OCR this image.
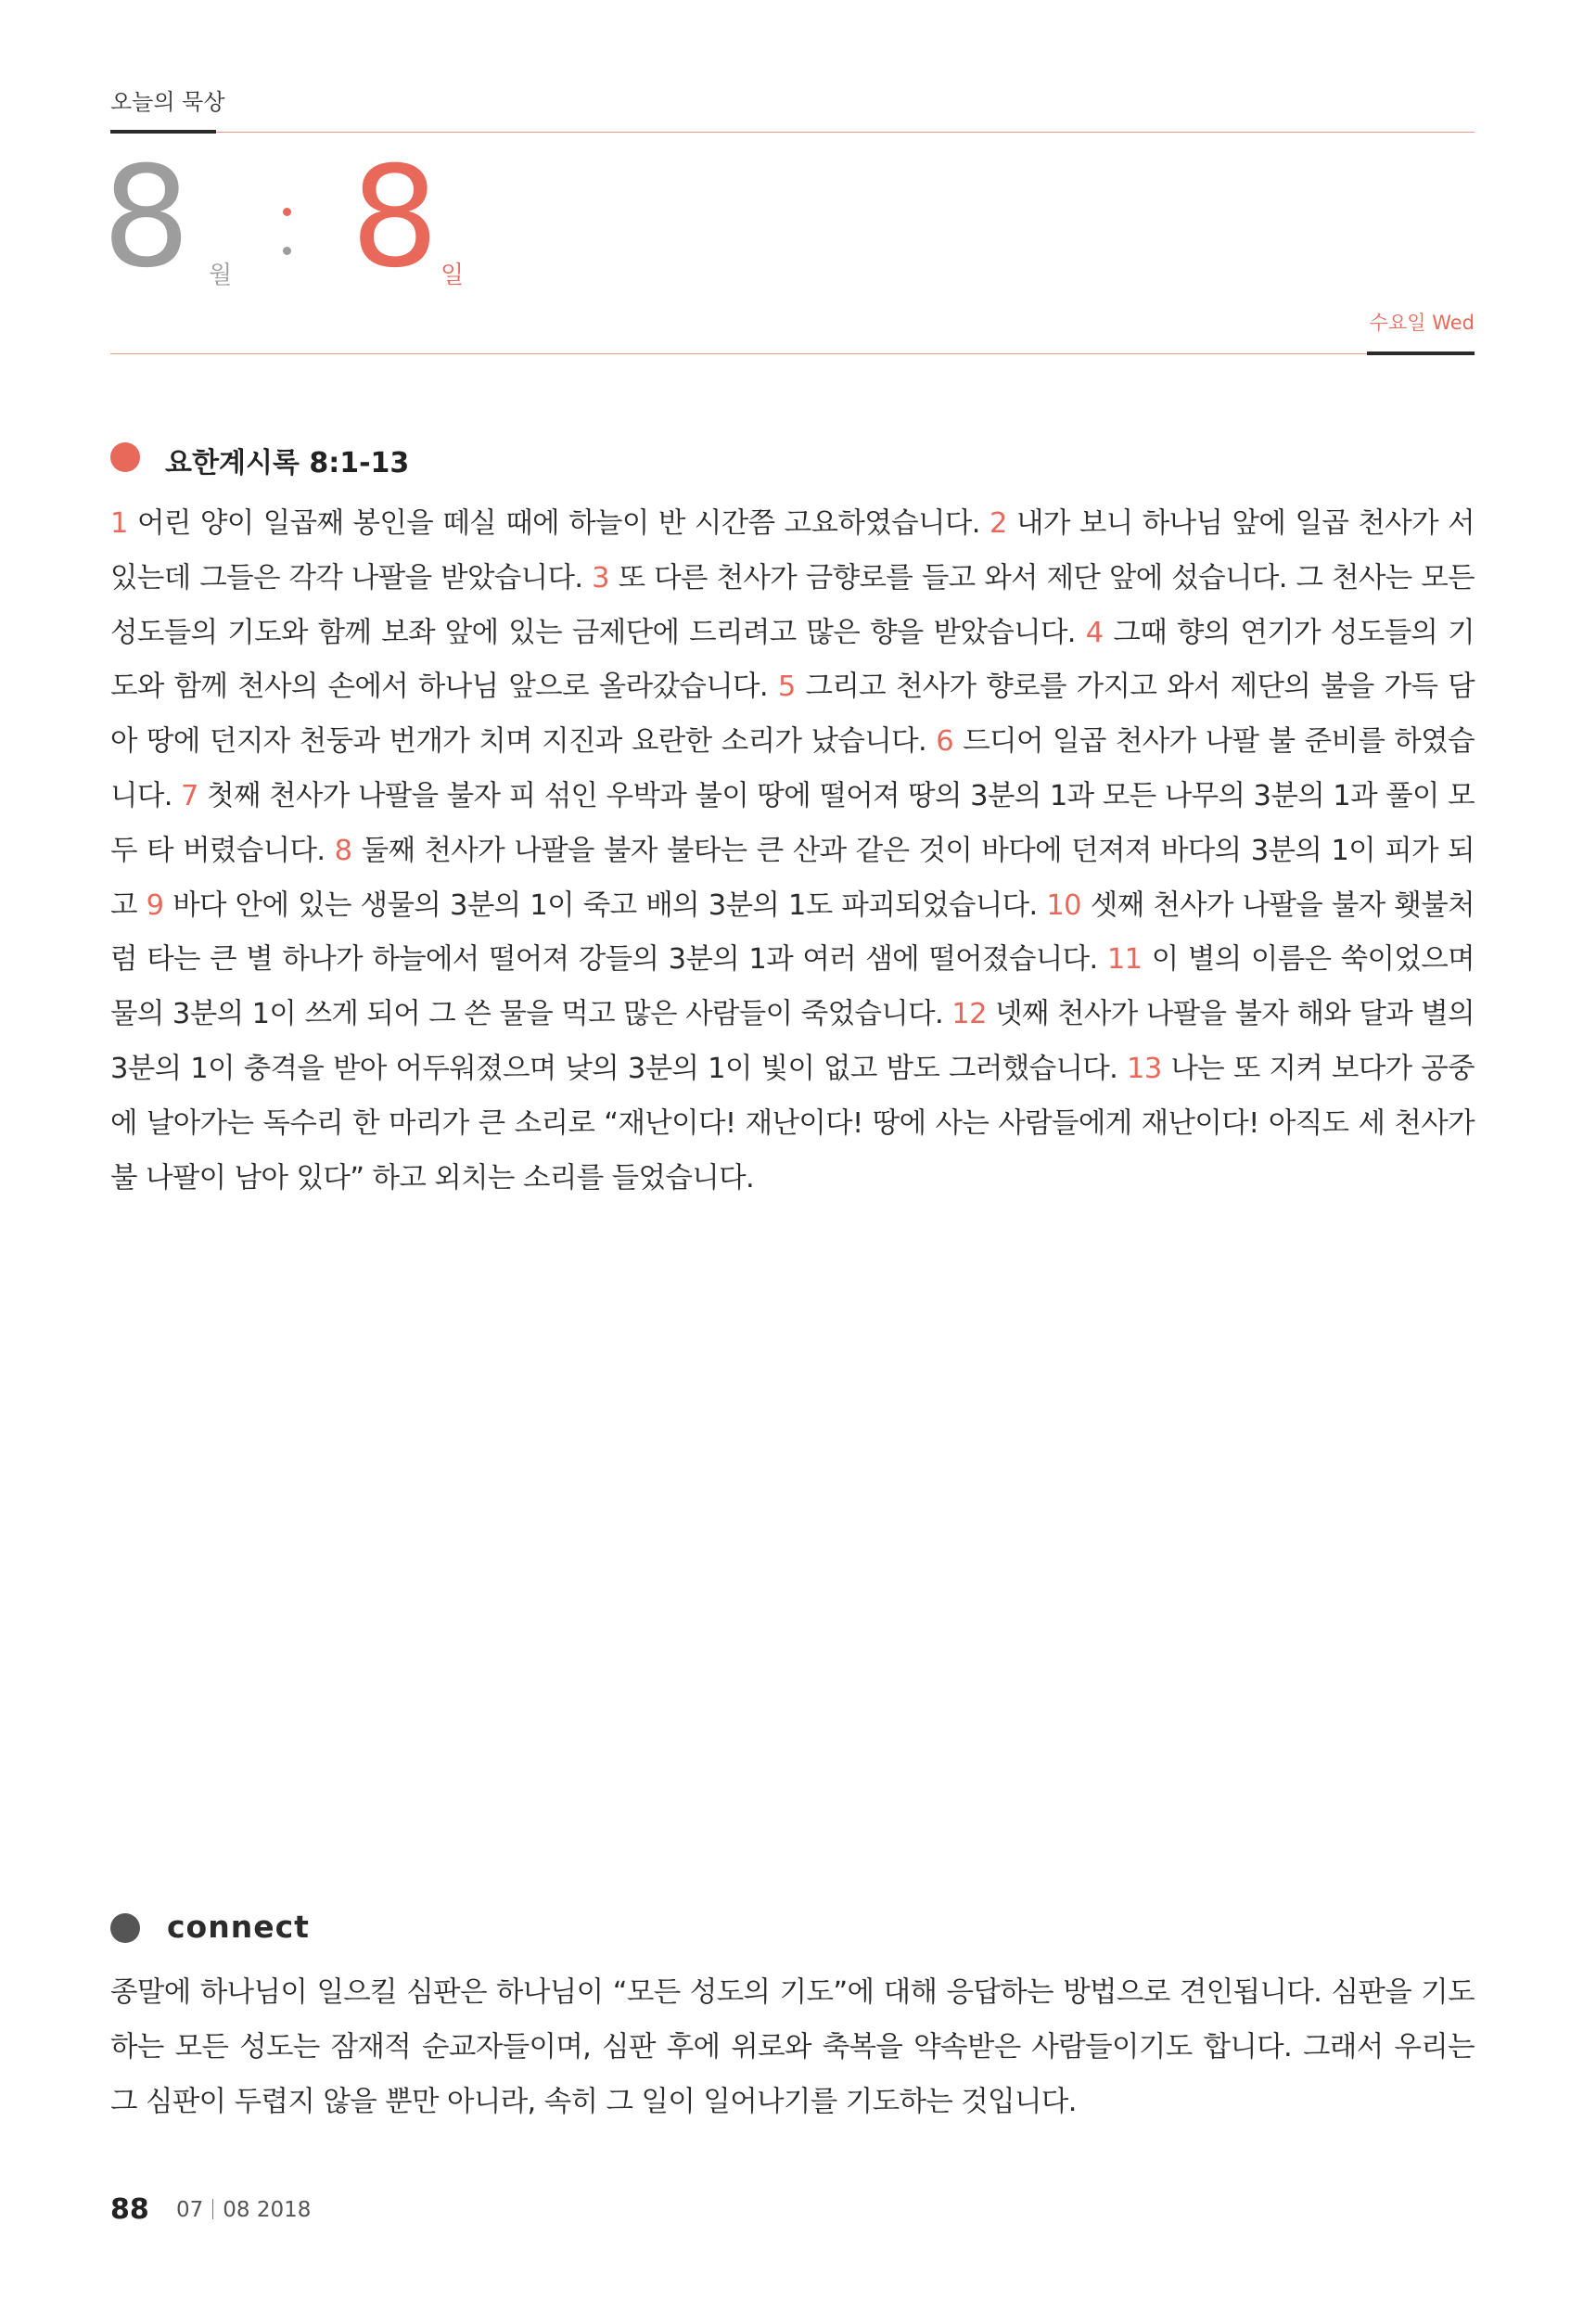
오늘의 묵상
8 월 8 일
수요일 Wed
요한계시록 8:1-13
1 어린 양이 일곱째 봉인을 떼실 때에 하늘이 반 시간쯤 고요하였습니다. 2 내가 보니 하나님 앞에 일곱 천사가 서 있는데 그들은 각각 나팔을 받았습니다. 3 또 다른 천사가 금향로를 들고 와서 제단 앞에 섰습니다. 그 천사는 모든 성도들의 기도와 함께 보좌 앞에 있는 금제단에 드리려고 많은 향을 받았습니다. 4 그때 향의 연기가 성도들의 기도와 함께 천사의 손에서 하나님 앞으로 올라갔습니다. 5 그리고 천사가 향로를 가지고 와서 제단의 불을 가득 담아 땅에 던지자 천둥과 번개가 치며 지진과 요란한 소리가 났습니다. 6 드디어 일곱 천사가 나팔 불 준비를 하였습니다. 7 첫째 천사가 나팔을 불자 피 섞인 우박과 불이 땅에 떨어져 땅의 3분의 1과 모든 나무의 3분의 1과 풀이 모두 타 버렸습니다. 8 둘째 천사가 나팔을 불자 불타는 큰 산과 같은 것이 바다에 던져져 바다의 3분의 1이 피가 되고 9 바다 안에 있는 생물의 3분의 1이 죽고 배의 3분의 1도 파괴되었습니다. 10 셋째 천사가 나팔을 불자 횃불처럼 타는 큰 별 하나가 하늘에서 떨어져 강들의 3분의 1과 여러 샘에 떨어졌습니다. 11 이 별의 이름은 쑥이었으며 물의 3분의 1이 쓰게 되어 그 쓴 물을 먹고 많은 사람들이 죽었습니다. 12 넷째 천사가 나팔을 불자 해와 달과 별의 3분의 1이 충격을 받아 어두워졌으며 낮의 3분의 1이 빛이 없고 밤도 그러했습니다. 13 나는 또 지켜 보다가 공중에 날아가는 독수리 한 마리가 큰 소리로 “재난이다! 재난이다! 땅에 사는 사람들에게 재난이다! 아직도 세 천사가 불 나팔이 남아 있다” 하고 외치는 소리를 들었습니다.
connect
종말에 하나님이 일으킬 심판은 하나님이 “모든 성도의 기도”에 대해 응답하는 방법으로 견인됩니다. 심판을 기도하는 모든 성도는 잠재적 순교자들이며, 심판 후에 위로와 축복을 약속받은 사람들이기도 합니다. 그래서 우리는 그 심판이 두렵지 않을 뿐만 아니라, 속히 그 일이 일어나기를 기도하는 것입니다.
88 07 08 2018
